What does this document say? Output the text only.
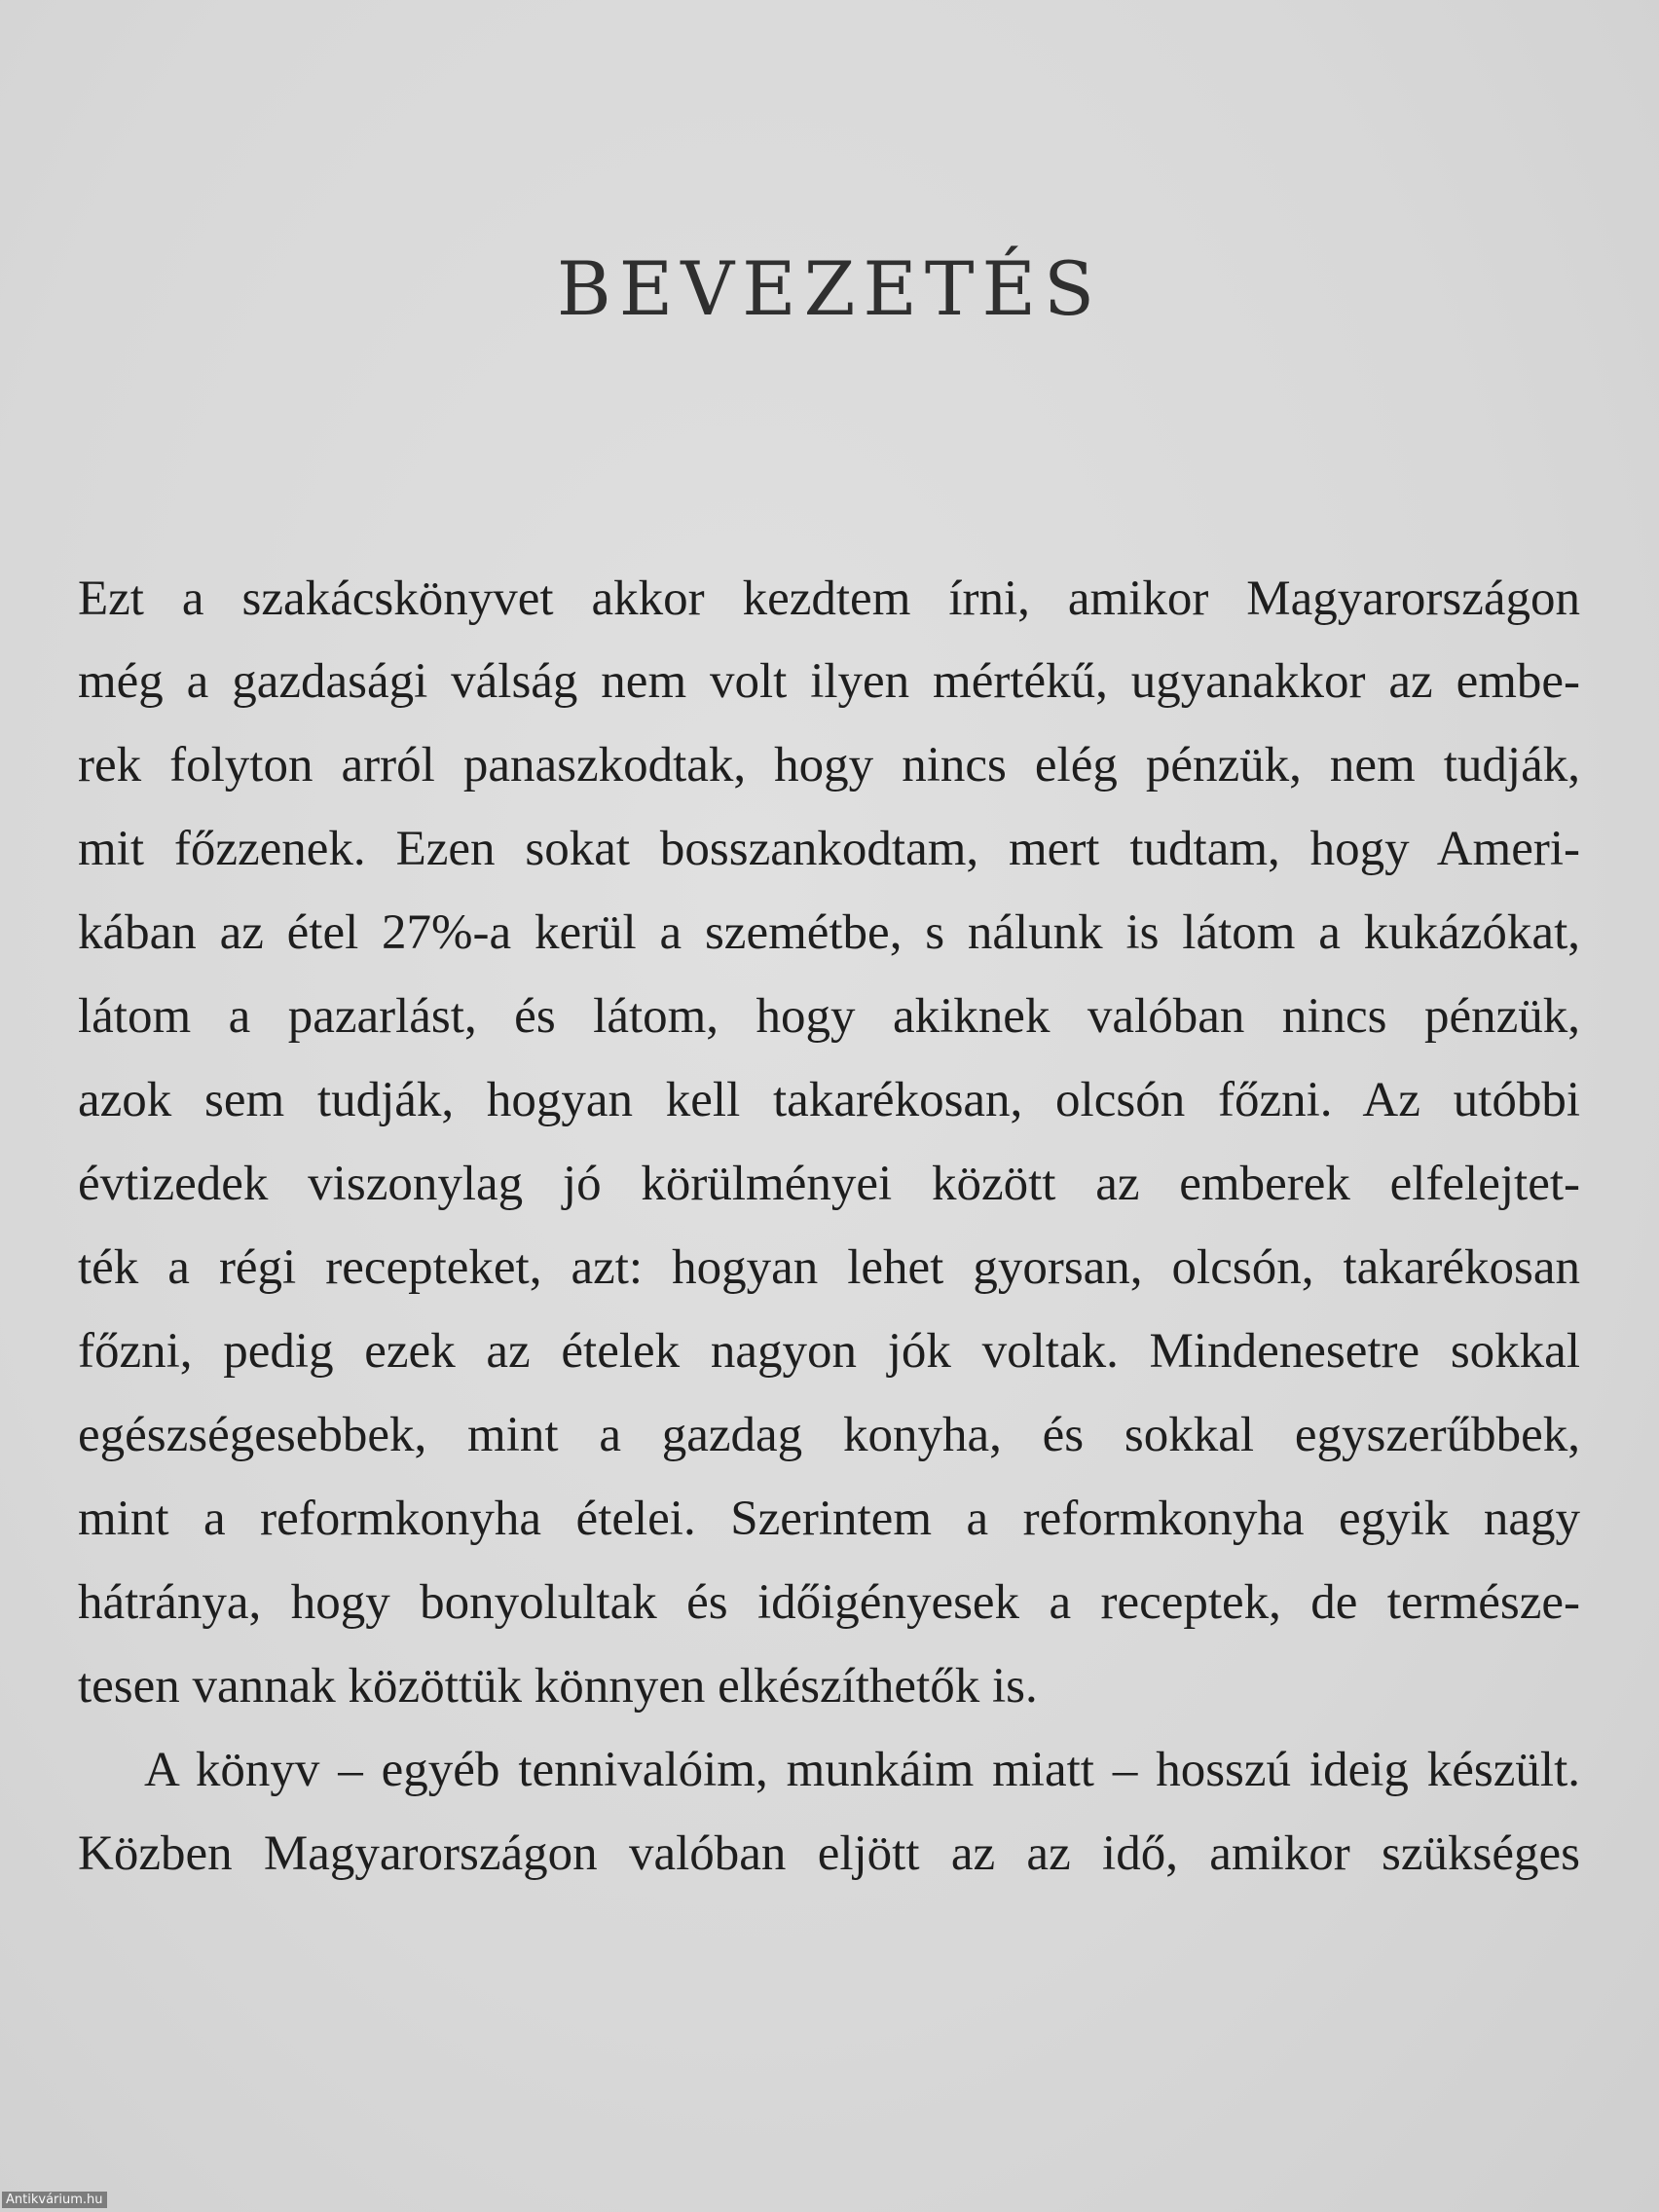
BEVEZETÉS
Ezt a szakácskönyvet akkor kezdtem írni, amikor Magyarországon
még a gazdasági válság nem volt ilyen mértékű, ugyanakkor az embe-
rek folyton arról panaszkodtak, hogy nincs elég pénzük, nem tudják,
mit főzzenek. Ezen sokat bosszankodtam, mert tudtam, hogy Ameri-
kában az étel 27%-a kerül a szemétbe, s nálunk is látom a kukázókat,
látom a pazarlást, és látom, hogy akiknek valóban nincs pénzük,
azok sem tudják, hogyan kell takarékosan, olcsón főzni. Az utóbbi
évtizedek viszonylag jó körülményei között az emberek elfelejtet-
ték a régi recepteket, azt: hogyan lehet gyorsan, olcsón, takarékosan
főzni, pedig ezek az ételek nagyon jók voltak. Mindenesetre sokkal
egészségesebbek, mint a gazdag konyha, és sokkal egyszerűbbek,
mint a reformkonyha ételei. Szerintem a reformkonyha egyik nagy
hátránya, hogy bonyolultak és időigényesek a receptek, de természe-
tesen vannak közöttük könnyen elkészíthetők is.
A könyv – egyéb tennivalóim, munkáim miatt – hosszú ideig készült.
Közben Magyarországon valóban eljött az az idő, amikor szükséges
Antikvárium.hu
